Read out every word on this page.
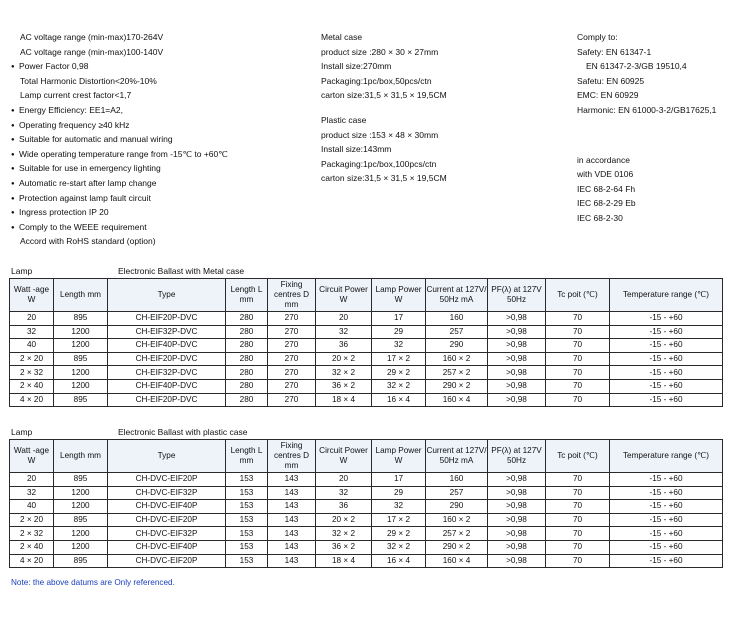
AC voltage range (min-max)170-264V
AC voltage range (min-max)100-140V
● Power Factor 0,98
Total Harmonic Distortion<20%-10%
Lamp current crest factor<1,7
● Energy Efficiency: EE1=A2,
● Operating frequency ≥40 kHz
● Suitable for automatic and manual wiring
● Wide operating temperature range from -15℃ to +60℃
● Suitable for use in emergency lighting
● Automatic re-start after lamp change
● Protection against lamp fault circuit
● Ingress protection IP 20
● Comply to the WEEE requirement
Accord with RoHS standard (option)
Metal case
product size :280 × 30 × 27mm
Install size:270mm
Packaging:1pc/box,50pcs/ctn
carton size:31,5 × 31,5 × 19,5CM
Plastic case
product size :153 × 48 × 30mm
Install size:143mm
Packaging:1pc/box,100pcs/ctn
carton size:31,5 × 31,5 × 19,5CM
Comply to:
Safety: EN 61347-1
EN 61347-2-3/GB 19510,4
Safetu: EN 60925
EMC: EN 60929
Harmonic: EN 61000-3-2/GB17625,1
in accordance
with VDE 0106
IEC 68-2-64 Fh
IEC 68-2-29 Eb
IEC 68-2-30
Lamp	Electronic Ballast with Metal case
Watt -age W	Length mm	Type	Length L mm	Fixing centres D mm	Circuit Power W	Lamp Power W	Current at 127V/ 50Hz mA	PF(λ) at 127V 50Hz	Tc poit (℃)	Temperature range (℃)
20	895	CH-EIF20P-DVC	280	270	20	17	160	>0,98	70	-15 - +60
32	1200	CH-EIF32P-DVC	280	270	32	29	257	>0,98	70	-15 - +60
40	1200	CH-EIF40P-DVC	280	270	36	32	290	>0,98	70	-15 - +60
2 × 20	895	CH-EIF20P-DVC	280	270	20 × 2	17 × 2	160 × 2	>0,98	70	-15 - +60
2 × 32	1200	CH-EIF32P-DVC	280	270	32 × 2	29 × 2	257 × 2	>0,98	70	-15 - +60
2 × 40	1200	CH-EIF40P-DVC	280	270	36 × 2	32 × 2	290 × 2	>0,98	70	-15 - +60
4 × 20	895	CH-EIF20P-DVC	280	270	18 × 4	16 × 4	160 × 4	>0,98	70	-15 - +60
Lamp	Electronic Ballast with plastic case
Watt -age W	Length mm	Type	Length L mm	Fixing centres D mm	Circuit Power W	Lamp Power W	Current at 127V/ 50Hz mA	PF(λ) at 127V 50Hz	Tc poit (℃)	Temperature range (℃)
20	895	CH-DVC-EIF20P	153	143	20	17	160	>0,98	70	-15 - +60
32	1200	CH-DVC-EIF32P	153	143	32	29	257	>0,98	70	-15 - +60
40	1200	CH-DVC-EIF40P	153	143	36	32	290	>0,98	70	-15 - +60
2 × 20	895	CH-DVC-EIF20P	153	143	20 × 2	17 × 2	160 × 2	>0,98	70	-15 - +60
2 × 32	1200	CH-DVC-EIF32P	153	143	32 × 2	29 × 2	257 × 2	>0,98	70	-15 - +60
2 × 40	1200	CH-DVC-EIF40P	153	143	36 × 2	32 × 2	290 × 2	>0,98	70	-15 - +60
4 × 20	895	CH-DVC-EIF20P	153	143	18 × 4	16 × 4	160 × 4	>0,98	70	-15 - +60
Note: the above datums are Only referenced.
